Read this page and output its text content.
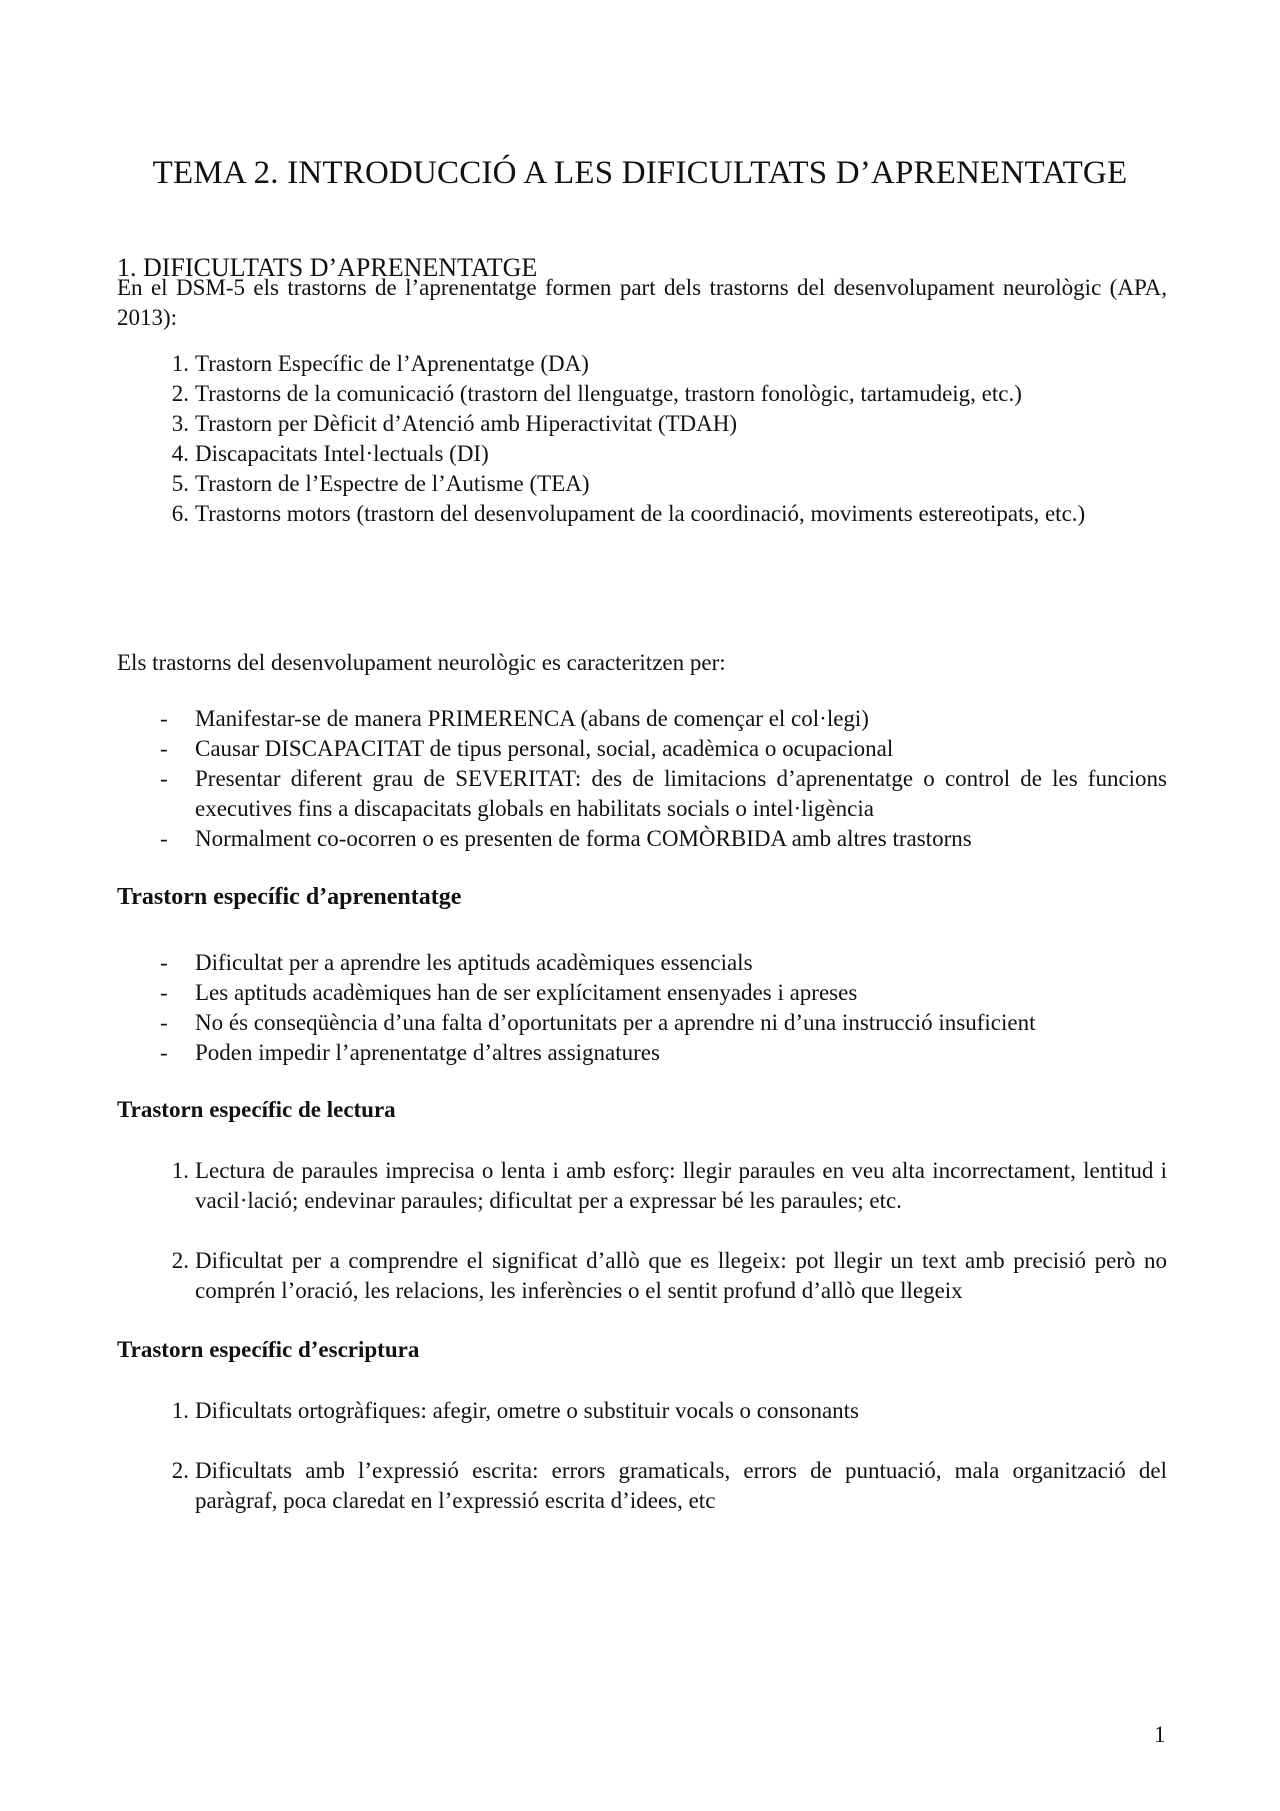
TEMA 2. INTRODUCCIÓ A LES DIFICULTATS D’APRENENTATGE
1. DIFICULTATS D’APRENENTATGE

En el DSM-5 els trastorns de l’aprenentatge formen part dels trastorns del desenvolupament neurològic (APA, 2013):

1. Trastorn Específic de l’Aprenentatge (DA)
2. Trastorns de la comunicació (trastorn del llenguatge, trastorn fonològic, tartamudeig, etc.)
3. Trastorn per Dèficit d’Atenció amb Hiperactivitat (TDAH)
4. Discapacitats Intel·lectuals (DI)
5. Trastorn de l’Espectre de l’Autisme (TEA)
6. Trastorns motors (trastorn del desenvolupament de la coordinació, moviments estereotipats, etc.)

Els trastorns del desenvolupament neurològic es caracteritzen per:

- Manifestar-se de manera PRIMERENCA (abans de començar el col·legi)
- Causar DISCAPACITAT de tipus personal, social, acadèmica o ocupacional
- Presentar diferent grau de SEVERITAT: des de limitacions d’aprenentatge o control de les funcions executives fins a discapacitats globals en habilitats socials o intel·ligència
- Normalment co-ocorren o es presenten de forma COMÒRBIDA amb altres trastorns
Trastorn específic d’aprenentatge
- Dificultat per a aprendre les aptituds acadèmiques essencials
- Les aptituds acadèmiques han de ser explícitament ensenyades i apreses
- No és conseqüència d’una falta d’oportunitats per a aprendre ni d’una instrucció insuficient
- Poden impedir l’aprenentatge d’altres assignatures
Trastorn específic de lectura
1. Lectura de paraules imprecisa o lenta i amb esforç: llegir paraules en veu alta incorrectament, lentitud i vacil·lació; endevinar paraules; dificultat per a expressar bé les paraules; etc.
2. Dificultat per a comprendre el significat d’allò que es llegeix: pot llegir un text amb precisió però no comprén l’oració, les relacions, les inferències o el sentit profund d’allò que llegeix
Trastorn específic d’escriptura
1. Dificultats ortogràfiques: afegir, ometre o substituir vocals o consonants
2. Dificultats amb l’expressió escrita: errors gramaticals, errors de puntuació, mala organització del paràgraf, poca claredat en l’expressió escrita d’idees, etc
1
